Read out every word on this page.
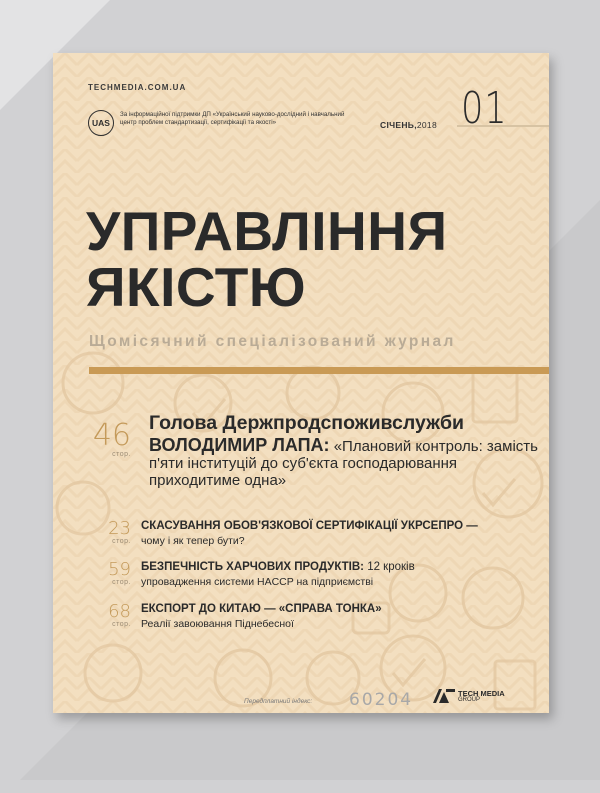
TECHMEDIA.COM.UA
UAS
За інформаційної підтримки ДП «Український науково-дослідний і навчальний центр проблем стандартизації, сертифікації та якості»	СІЧЕНЬ,2018 01
УПРАВЛІННЯ
ЯКІСТЮ
Щомісячний спеціалізований журнал
46
стор.
Голова Держпродспоживслужби
ВОЛОДИМИР ЛАПА: «Плановий контроль: замість п'яти інституцій до суб'єкта господарювання приходитиме одна»
23
стор.
СКАСУВАННЯ ОБОВ'ЯЗКОВОЇ СЕРТИФІКАЦІЇ УКРСЕПРО —
чому і як тепер бути?
59
стор.
БЕЗПЕЧНІСТЬ ХАРЧОВИХ ПРОДУКТІВ: 12 кроків
упровадження системи HACCP на підприємстві
68
стор.
ЕКСПОРТ ДО КИТАЮ — «СПРАВА ТОНКА»
Реалії завоювання Піднебесної
Передплатний індекс: 60204	TECH MEDIA
GROUP
